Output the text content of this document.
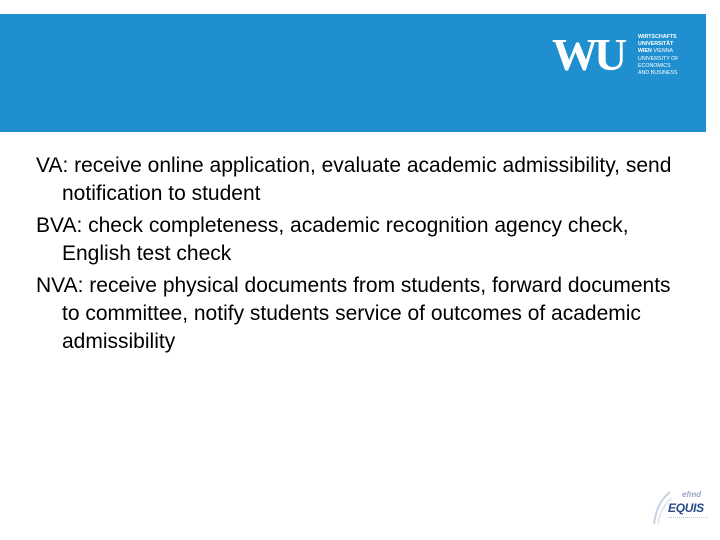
WU	WIRTSCHAFTS
UNIVERSITÄT
WIEN VIENNA
UNIVERSITY OF
ECONOMICS
AND BUSINESS

VA: receive online application, evaluate academic admissibility, send notification to student

BVA: check completeness, academic recognition agency check, English test check

NVA: receive physical documents from students, forward documents to committee, notify students service of outcomes of academic admissibility

efmd
EQUIS
